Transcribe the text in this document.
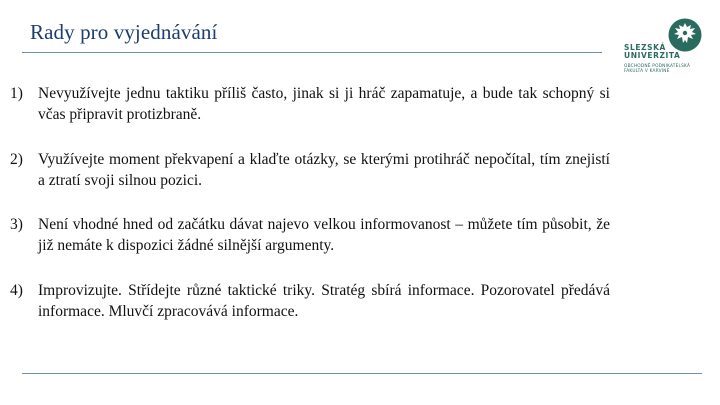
Rady pro vyjednávání
SLEZSKÁ
UNIVERZITA
OBCHODNĚ PODNIKATELSKÁ
FAKULTA V KARVINÉ
1) Nevyužívejte jednu taktiku příliš často, jinak si ji hráč zapamatuje, a bude tak schopný si včas připravit protizbraně.
2) Využívejte moment překvapení a klaďte otázky, se kterými protihráč nepočítal, tím znejistí a ztratí svoji silnou pozici.
3) Není vhodné hned od začátku dávat najevo velkou informovanost – můžete tím působit, že již nemáte k dispozici žádné silnější argumenty.
4) Improvizujte. Střídejte různé taktické triky. Stratég sbírá informace. Pozorovatel předává informace. Mluvčí zpracovává informace.
